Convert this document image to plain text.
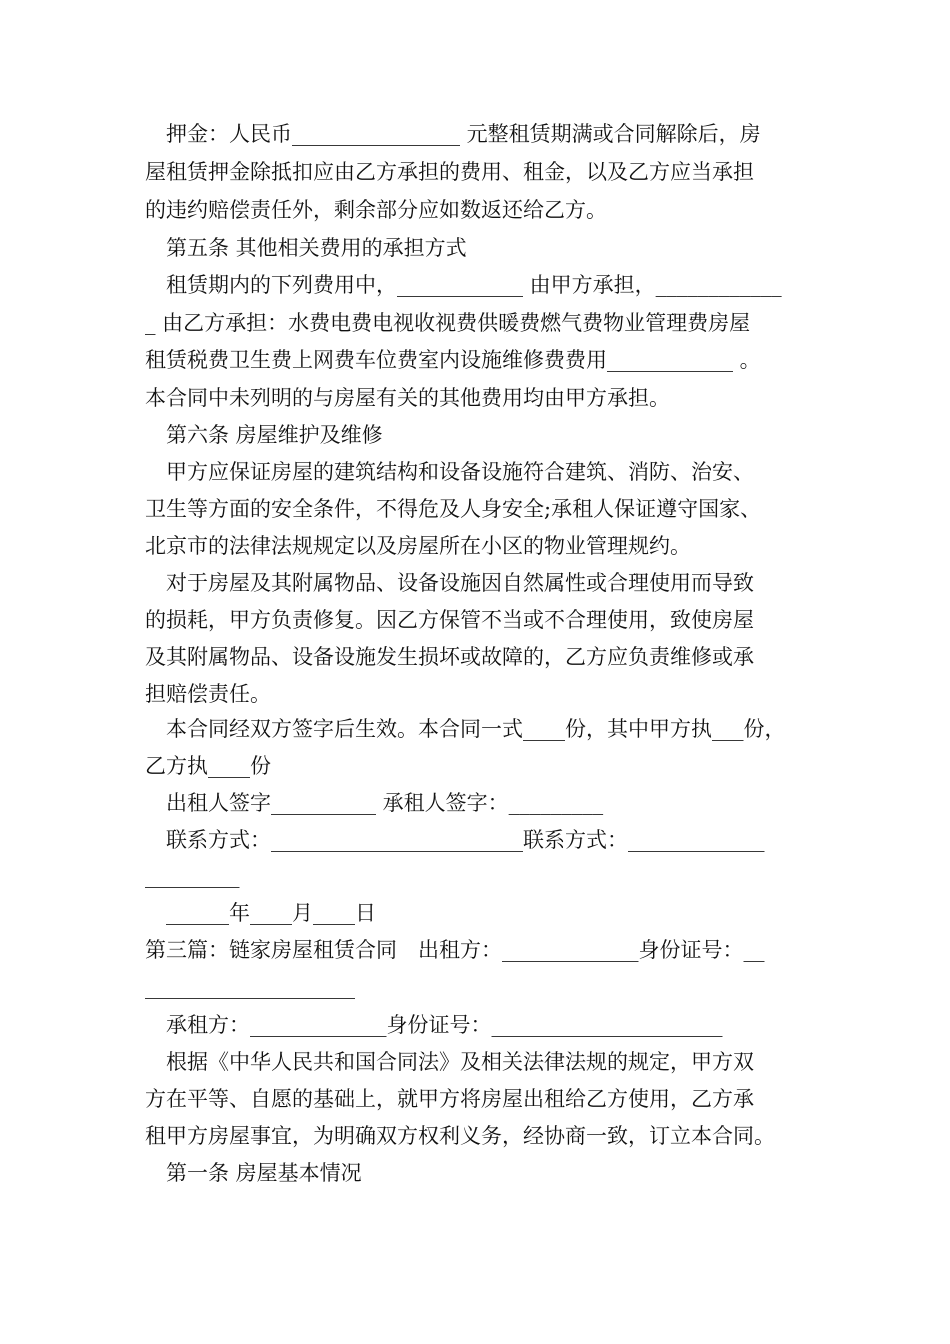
押金：人民币________________ 元整租赁期满或合同解除后，房
屋租赁押金除抵扣应由乙方承担的费用、租金，以及乙方应当承担
的违约赔偿责任外，剩余部分应如数返还给乙方。
第五条 其他相关费用的承担方式
租赁期内的下列费用中，____________ 由甲方承担，____________
_ 由乙方承担：水费电费电视收视费供暖费燃气费物业管理费房屋
租赁税费卫生费上网费车位费室内设施维修费费用____________ 。
本合同中未列明的与房屋有关的其他费用均由甲方承担。
第六条 房屋维护及维修
甲方应保证房屋的建筑结构和设备设施符合建筑、消防、治安、
卫生等方面的安全条件，不得危及人身安全;承租人保证遵守国家、
北京市的法律法规规定以及房屋所在小区的物业管理规约。
对于房屋及其附属物品、设备设施因自然属性或合理使用而导致
的损耗，甲方负责修复。因乙方保管不当或不合理使用，致使房屋
及其附属物品、设备设施发生损坏或故障的，乙方应负责维修或承
担赔偿责任。
本合同经双方签字后生效。本合同一式____份，其中甲方执___份，
乙方执____份
出租人签字__________ 承租人签字：_________
联系方式：________________________联系方式：_____________
_________
______年____月____日
第三篇：链家房屋租赁合同　出租方：_____________身份证号：__
____________________
承租方：_____________身份证号：______________________
根据《中华人民共和国合同法》及相关法律法规的规定，甲方双
方在平等、自愿的基础上，就甲方将房屋出租给乙方使用，乙方承
租甲方房屋事宜，为明确双方权利义务，经协商一致，订立本合同。
第一条 房屋基本情况
